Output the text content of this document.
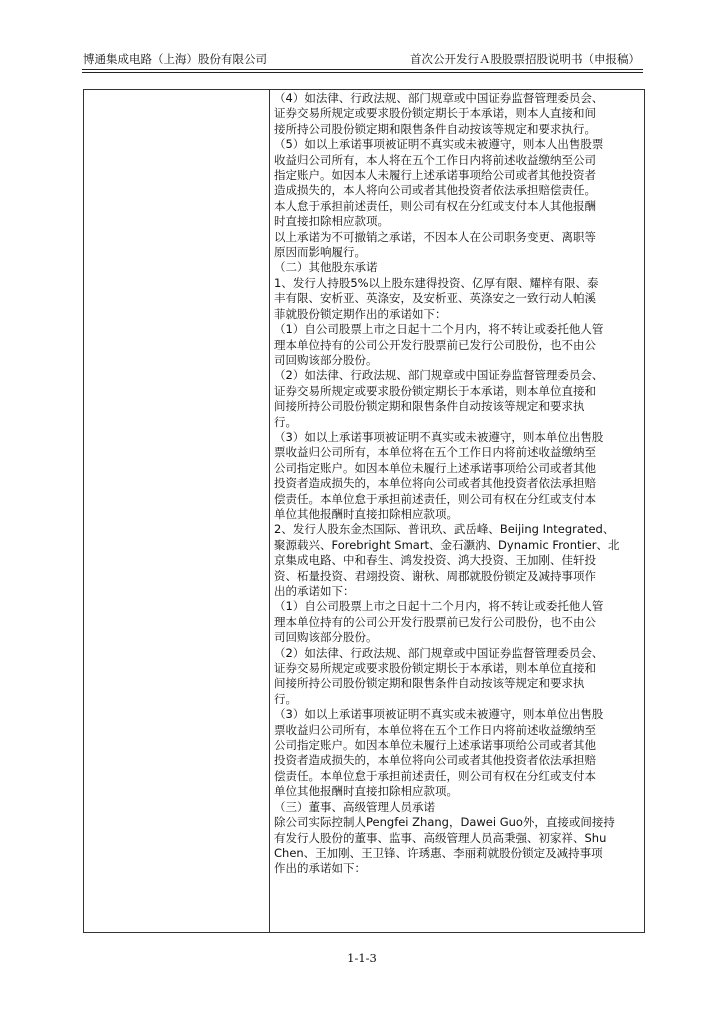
博通集成电路（上海）股份有限公司	首次公开发行Ａ股股票招股说明书（申报稿）
（4）如法律、行政法规、部门规章或中国证券监督管理委员会、
证券交易所规定或要求股份锁定期长于本承诺，则本人直接和间
接所持公司股份锁定期和限售条件自动按该等规定和要求执行。
（5）如以上承诺事项被证明不真实或未被遵守，则本人出售股票
收益归公司所有，本人将在五个工作日内将前述收益缴纳至公司
指定账户。如因本人未履行上述承诺事项给公司或者其他投资者
造成损失的，本人将向公司或者其他投资者依法承担赔偿责任。
本人怠于承担前述责任，则公司有权在分红或支付本人其他报酬
时直接扣除相应款项。
以上承诺为不可撤销之承诺，不因本人在公司职务变更、离职等
原因而影响履行。
（二）其他股东承诺
1、发行人持股5%以上股东建得投资、亿厚有限、耀梓有限、泰
丰有限、安析亚、英涤安，及安析亚、英涤安之一致行动人帕溪
菲就股份锁定期作出的承诺如下：
（1）自公司股票上市之日起十二个月内，将不转让或委托他人管
理本单位持有的公司公开发行股票前已发行公司股份，也不由公
司回购该部分股份。
（2）如法律、行政法规、部门规章或中国证券监督管理委员会、
证券交易所规定或要求股份锁定期长于本承诺，则本单位直接和
间接所持公司股份锁定期和限售条件自动按该等规定和要求执
行。
（3）如以上承诺事项被证明不真实或未被遵守，则本单位出售股
票收益归公司所有，本单位将在五个工作日内将前述收益缴纳至
公司指定账户。如因本单位未履行上述承诺事项给公司或者其他
投资者造成损失的，本单位将向公司或者其他投资者依法承担赔
偿责任。本单位怠于承担前述责任，则公司有权在分红或支付本
单位其他报酬时直接扣除相应款项。
2、发行人股东金杰国际、普讯玖、武岳峰、Beijing Integrated、
聚源载兴、Forebright Smart、金石灏汭、Dynamic Frontier、北
京集成电路、中和春生、鸿发投资、鸿大投资、王加刚、佳轩投
资、柘量投资、君翊投资、谢秋、周郡就股份锁定及减持事项作
出的承诺如下：
（1）自公司股票上市之日起十二个月内，将不转让或委托他人管
理本单位持有的公司公开发行股票前已发行公司股份，也不由公
司回购该部分股份。
（2）如法律、行政法规、部门规章或中国证券监督管理委员会、
证券交易所规定或要求股份锁定期长于本承诺，则本单位直接和
间接所持公司股份锁定期和限售条件自动按该等规定和要求执
行。
（3）如以上承诺事项被证明不真实或未被遵守，则本单位出售股
票收益归公司所有，本单位将在五个工作日内将前述收益缴纳至
公司指定账户。如因本单位未履行上述承诺事项给公司或者其他
投资者造成损失的，本单位将向公司或者其他投资者依法承担赔
偿责任。本单位怠于承担前述责任，则公司有权在分红或支付本
单位其他报酬时直接扣除相应款项。
（三）董事、高级管理人员承诺
除公司实际控制人Pengfei Zhang，Dawei Guo外，直接或间接持
有发行人股份的董事、监事、高级管理人员高秉强、初家祥、Shu
Chen、王加刚、王卫锋、许琇惠、李丽莉就股份锁定及减持事项
作出的承诺如下：
1-1-3
